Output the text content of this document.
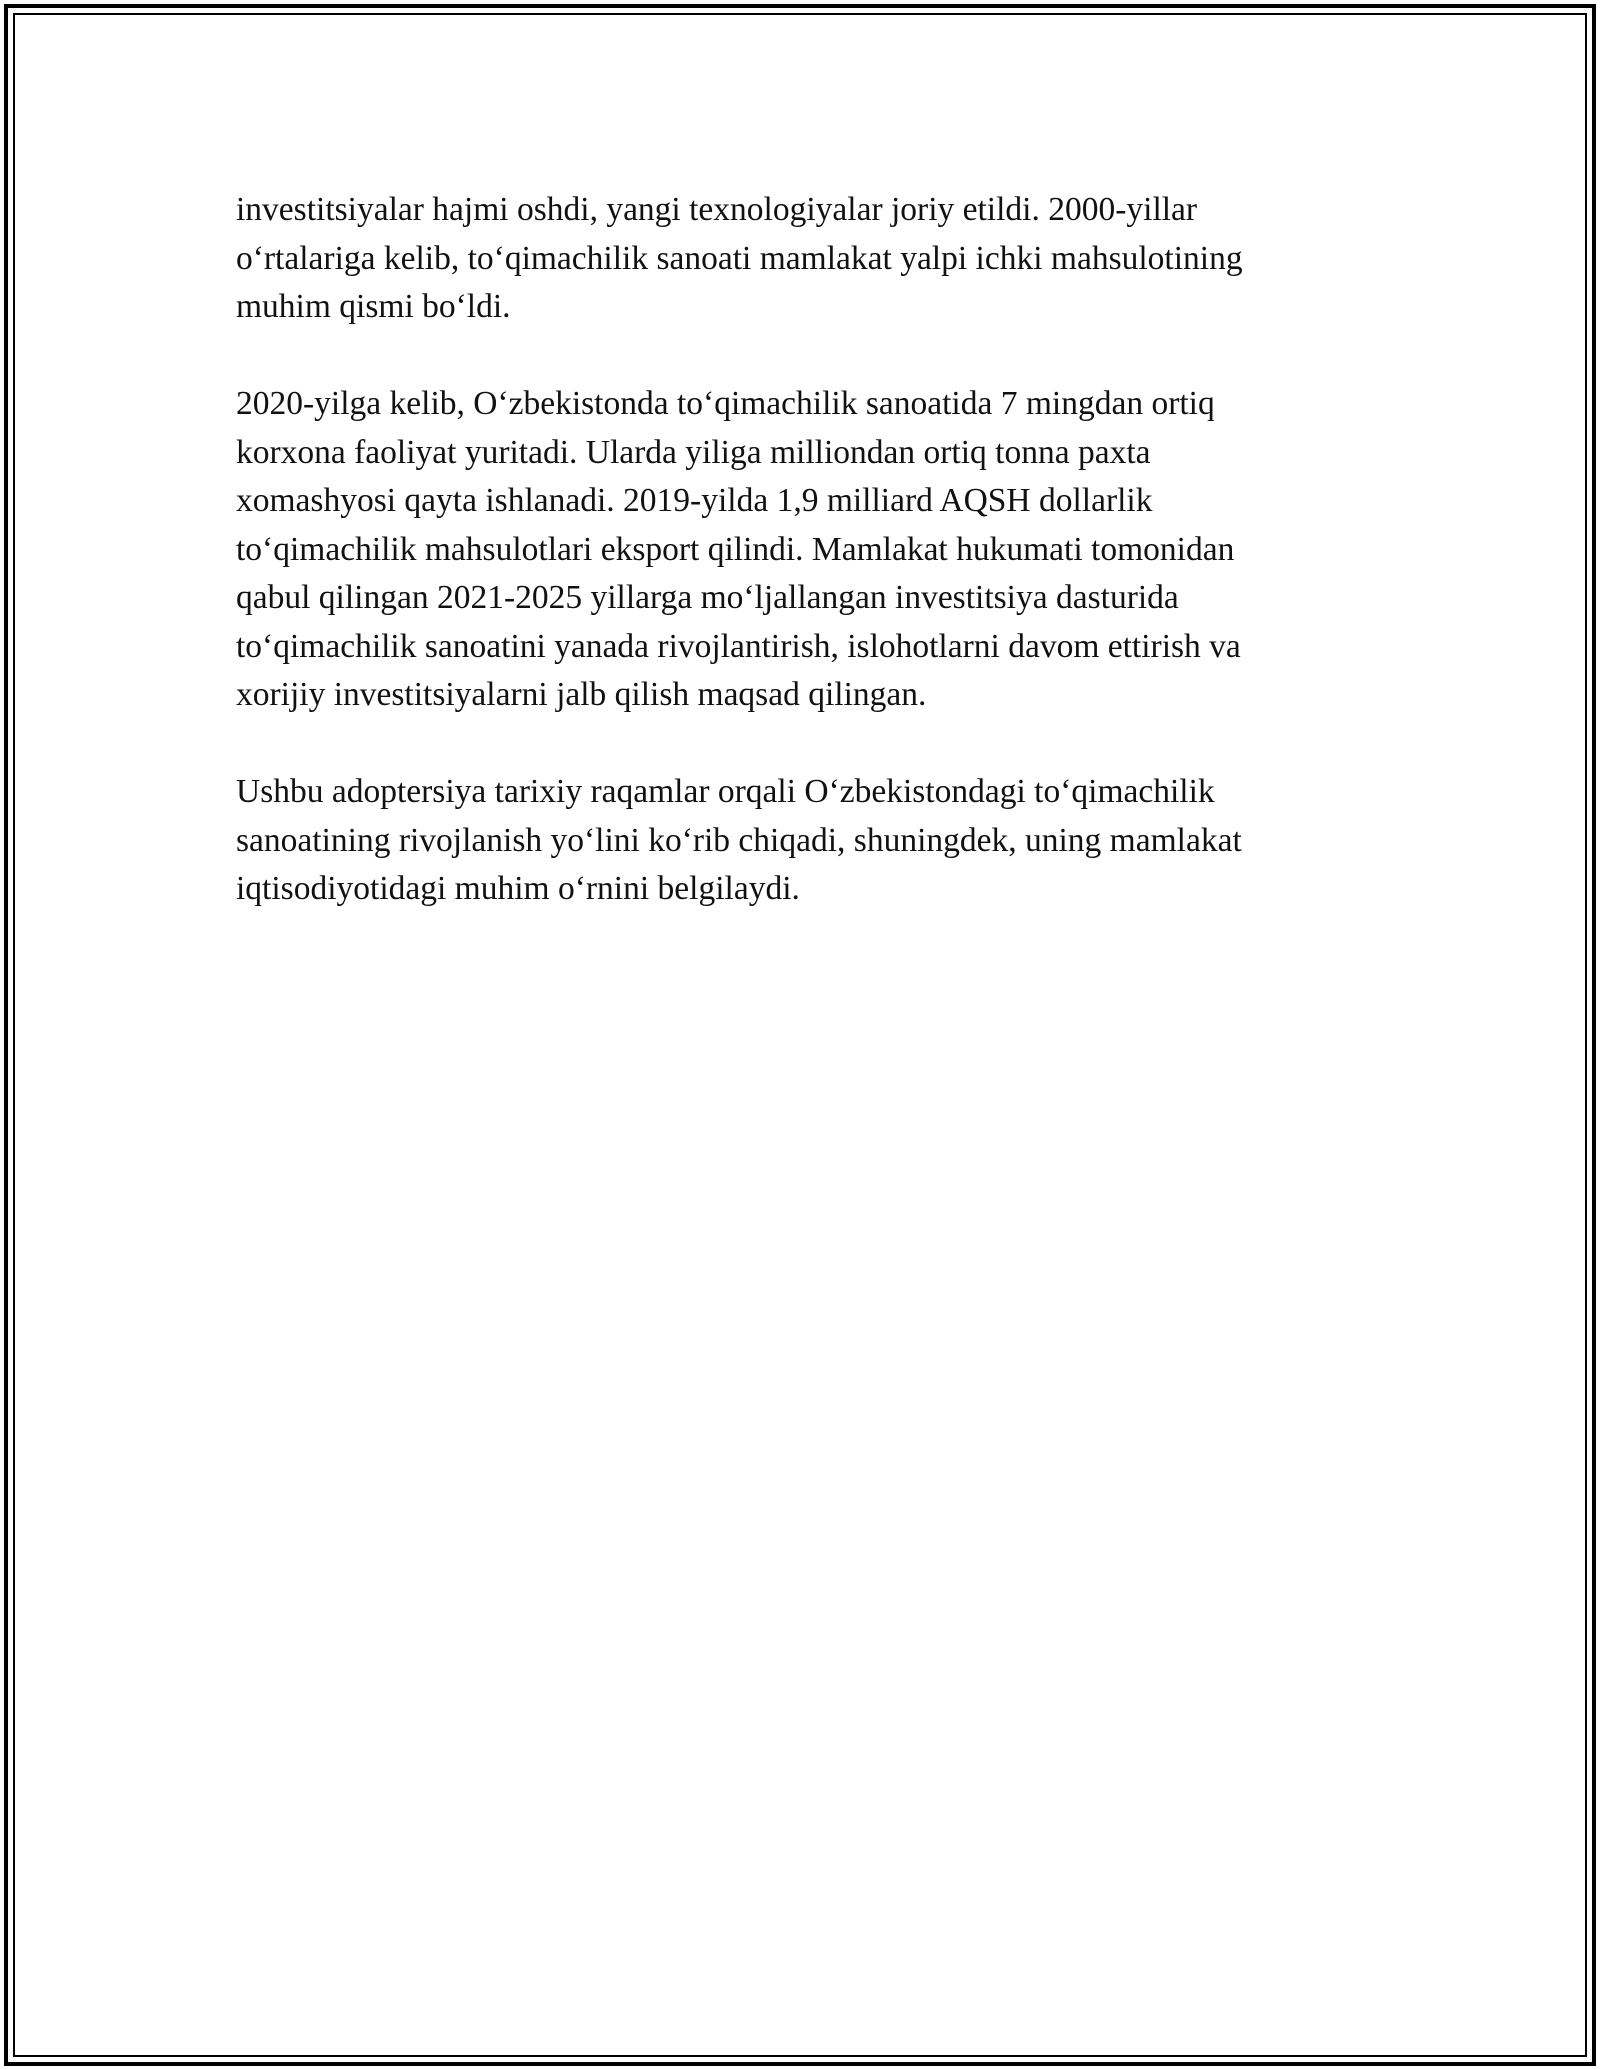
investitsiyalar hajmi oshdi, yangi texnologiyalar joriy etildi. 2000-yillar
o‘rtalariga kelib, to‘qimachilik sanoati mamlakat yalpi ichki mahsulotining
muhim qismi bo‘ldi.

2020-yilga kelib, O‘zbekistonda to‘qimachilik sanoatida 7 mingdan ortiq
korxona faoliyat yuritadi. Ularda yiliga milliondan ortiq tonna paxta
xomashyosi qayta ishlanadi. 2019-yilda 1,9 milliard AQSH dollarlik
to‘qimachilik mahsulotlari eksport qilindi. Mamlakat hukumati tomonidan
qabul qilingan 2021-2025 yillarga mo‘ljallangan investitsiya dasturida
to‘qimachilik sanoatini yanada rivojlantirish, islohotlarni davom ettirish va
xorijiy investitsiyalarni jalb qilish maqsad qilingan.

Ushbu adoptersiya tarixiy raqamlar orqali O‘zbekistondagi to‘qimachilik
sanoatining rivojlanish yo‘lini ko‘rib chiqadi, shuningdek, uning mamlakat
iqtisodiyotidagi muhim o‘rnini belgilaydi.
